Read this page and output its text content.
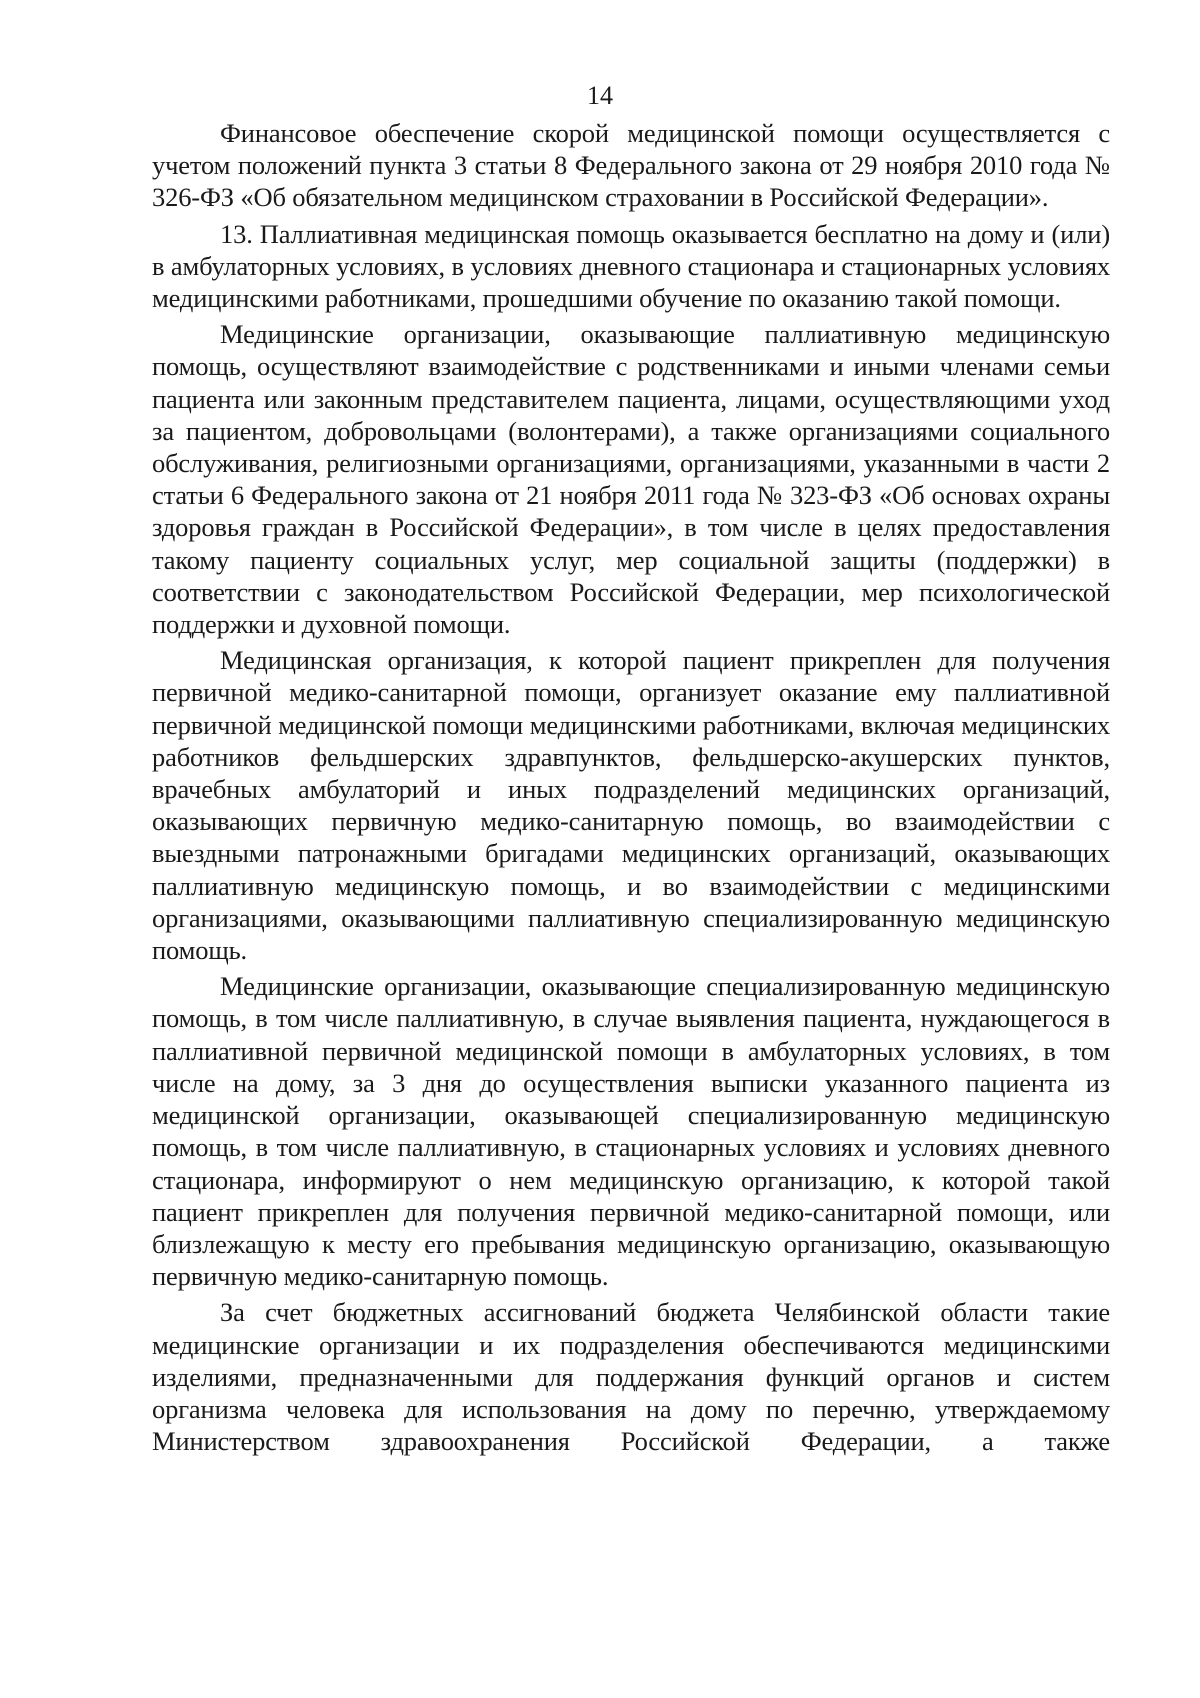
14

Финансовое обеспечение скорой медицинской помощи осуществляется с учетом положений пункта 3 статьи 8 Федерального закона от 29 ноября 2010 года № 326-ФЗ «Об обязательном медицинском страховании в Российской Федерации».

13. Паллиативная медицинская помощь оказывается бесплатно на дому и (или) в амбулаторных условиях, в условиях дневного стационара и стационарных условиях медицинскими работниками, прошедшими обучение по оказанию такой помощи.

Медицинские организации, оказывающие паллиативную медицинскую помощь, осуществляют взаимодействие с родственниками и иными членами семьи пациента или законным представителем пациента, лицами, осуществляющими уход за пациентом, добровольцами (волонтерами), а также организациями социального обслуживания, религиозными организациями, организациями, указанными в части 2 статьи 6 Федерального закона от 21 ноября 2011 года № 323-ФЗ «Об основах охраны здоровья граждан в Российской Федерации», в том числе в целях предоставления такому пациенту социальных услуг, мер социальной защиты (поддержки) в соответствии с законодательством Российской Федерации, мер психологической поддержки и духовной помощи.

Медицинская организация, к которой пациент прикреплен для получения первичной медико-санитарной помощи, организует оказание ему паллиативной первичной медицинской помощи медицинскими работниками, включая медицинских работников фельдшерских здравпунктов, фельдшерско-акушерских пунктов, врачебных амбулаторий и иных подразделений медицинских организаций, оказывающих первичную медико-санитарную помощь, во взаимодействии с выездными патронажными бригадами медицинских организаций, оказывающих паллиативную медицинскую помощь, и во взаимодействии с медицинскими организациями, оказывающими паллиативную специализированную медицинскую помощь.

Медицинские организации, оказывающие специализированную медицинскую помощь, в том числе паллиативную, в случае выявления пациента, нуждающегося в паллиативной первичной медицинской помощи в амбулаторных условиях, в том числе на дому, за 3 дня до осуществления выписки указанного пациента из медицинской организации, оказывающей специализированную медицинскую помощь, в том числе паллиативную, в стационарных условиях и условиях дневного стационара, информируют о нем медицинскую организацию, к которой такой пациент прикреплен для получения первичной медико-санитарной помощи, или близлежащую к месту его пребывания медицинскую организацию, оказывающую первичную медико-санитарную помощь.

За счет бюджетных ассигнований бюджета Челябинской области такие медицинские организации и их подразделения обеспечиваются медицинскими изделиями, предназначенными для поддержания функций органов и систем организма человека для использования на дому по перечню, утверждаемому Министерством здравоохранения Российской Федерации, а также
